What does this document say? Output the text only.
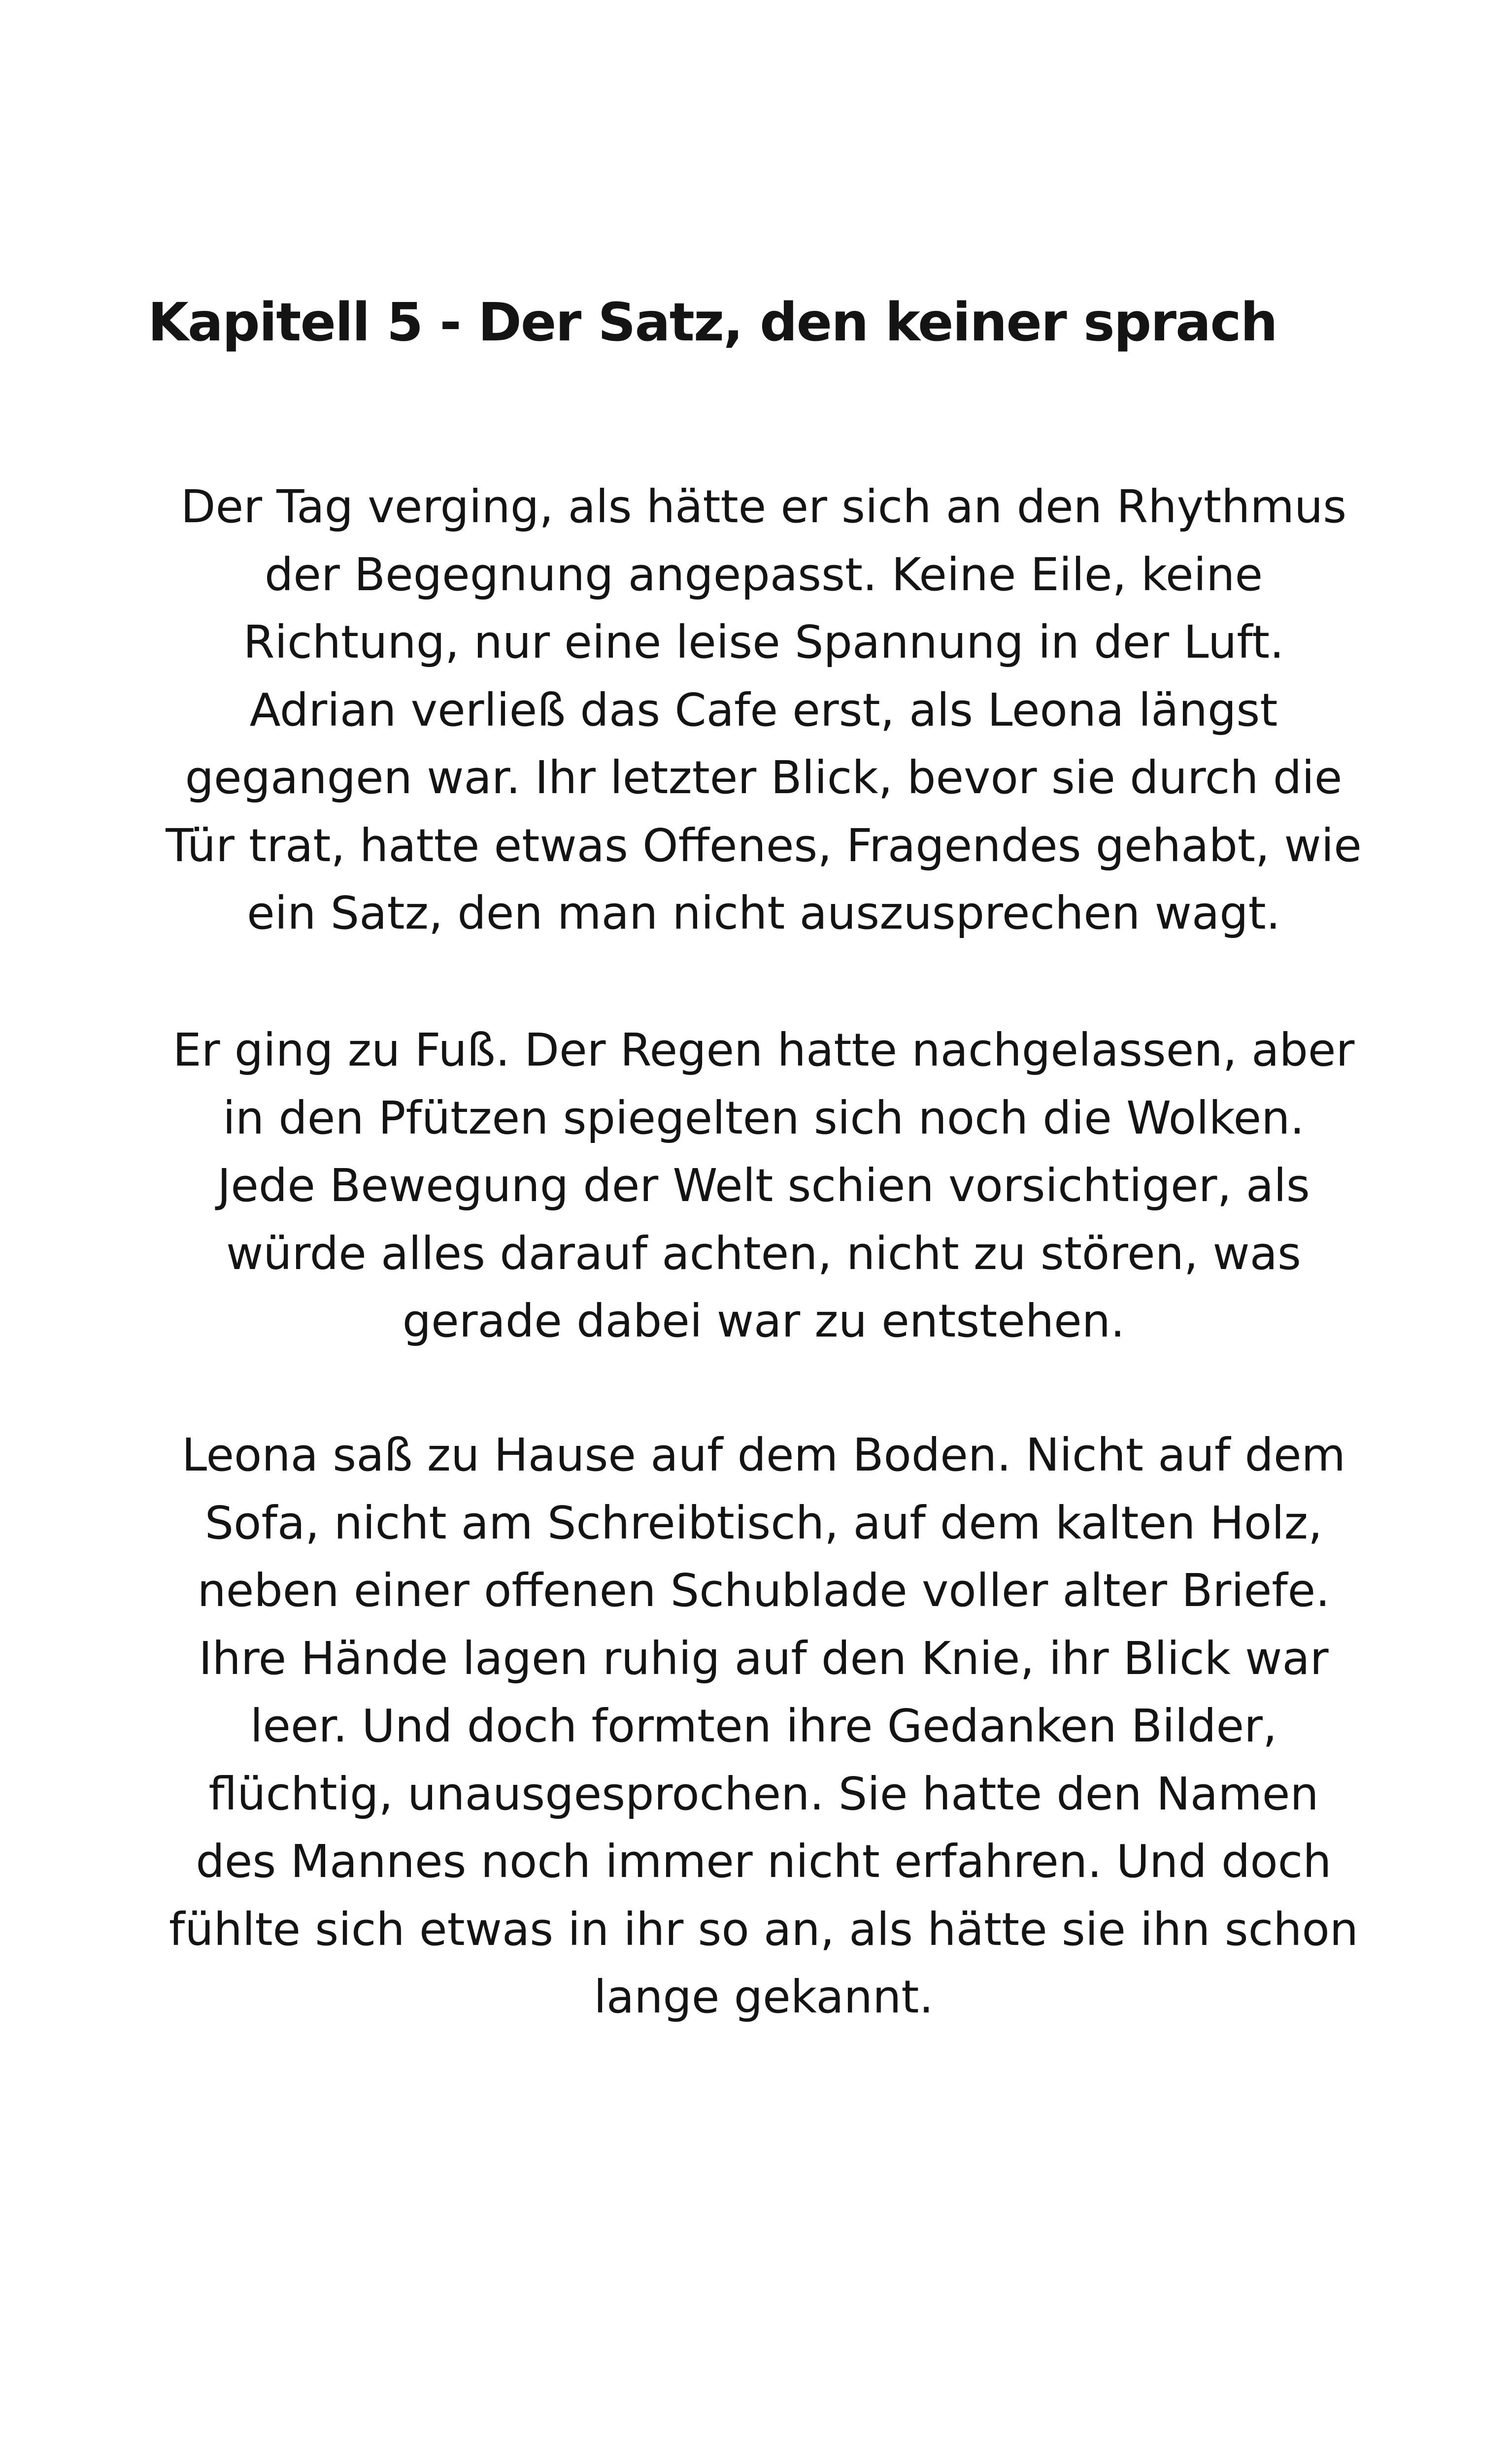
Kapitell 5 - Der Satz, den keiner sprach

Der Tag verging, als hätte er sich an den Rhythmus
der Begegnung angepasst. Keine Eile, keine
Richtung, nur eine leise Spannung in der Luft.
Adrian verließ das Cafe erst, als Leona längst
gegangen war. Ihr letzter Blick, bevor sie durch die
Tür trat, hatte etwas Offenes, Fragendes gehabt, wie
ein Satz, den man nicht auszusprechen wagt.

Er ging zu Fuß. Der Regen hatte nachgelassen, aber
in den Pfützen spiegelten sich noch die Wolken.
Jede Bewegung der Welt schien vorsichtiger, als
würde alles darauf achten, nicht zu stören, was
gerade dabei war zu entstehen.

Leona saß zu Hause auf dem Boden. Nicht auf dem
Sofa, nicht am Schreibtisch, auf dem kalten Holz,
neben einer offenen Schublade voller alter Briefe.
Ihre Hände lagen ruhig auf den Knie, ihr Blick war
leer. Und doch formten ihre Gedanken Bilder,
flüchtig, unausgesprochen. Sie hatte den Namen
des Mannes noch immer nicht erfahren. Und doch
fühlte sich etwas in ihr so an, als hätte sie ihn schon
lange gekannt.
